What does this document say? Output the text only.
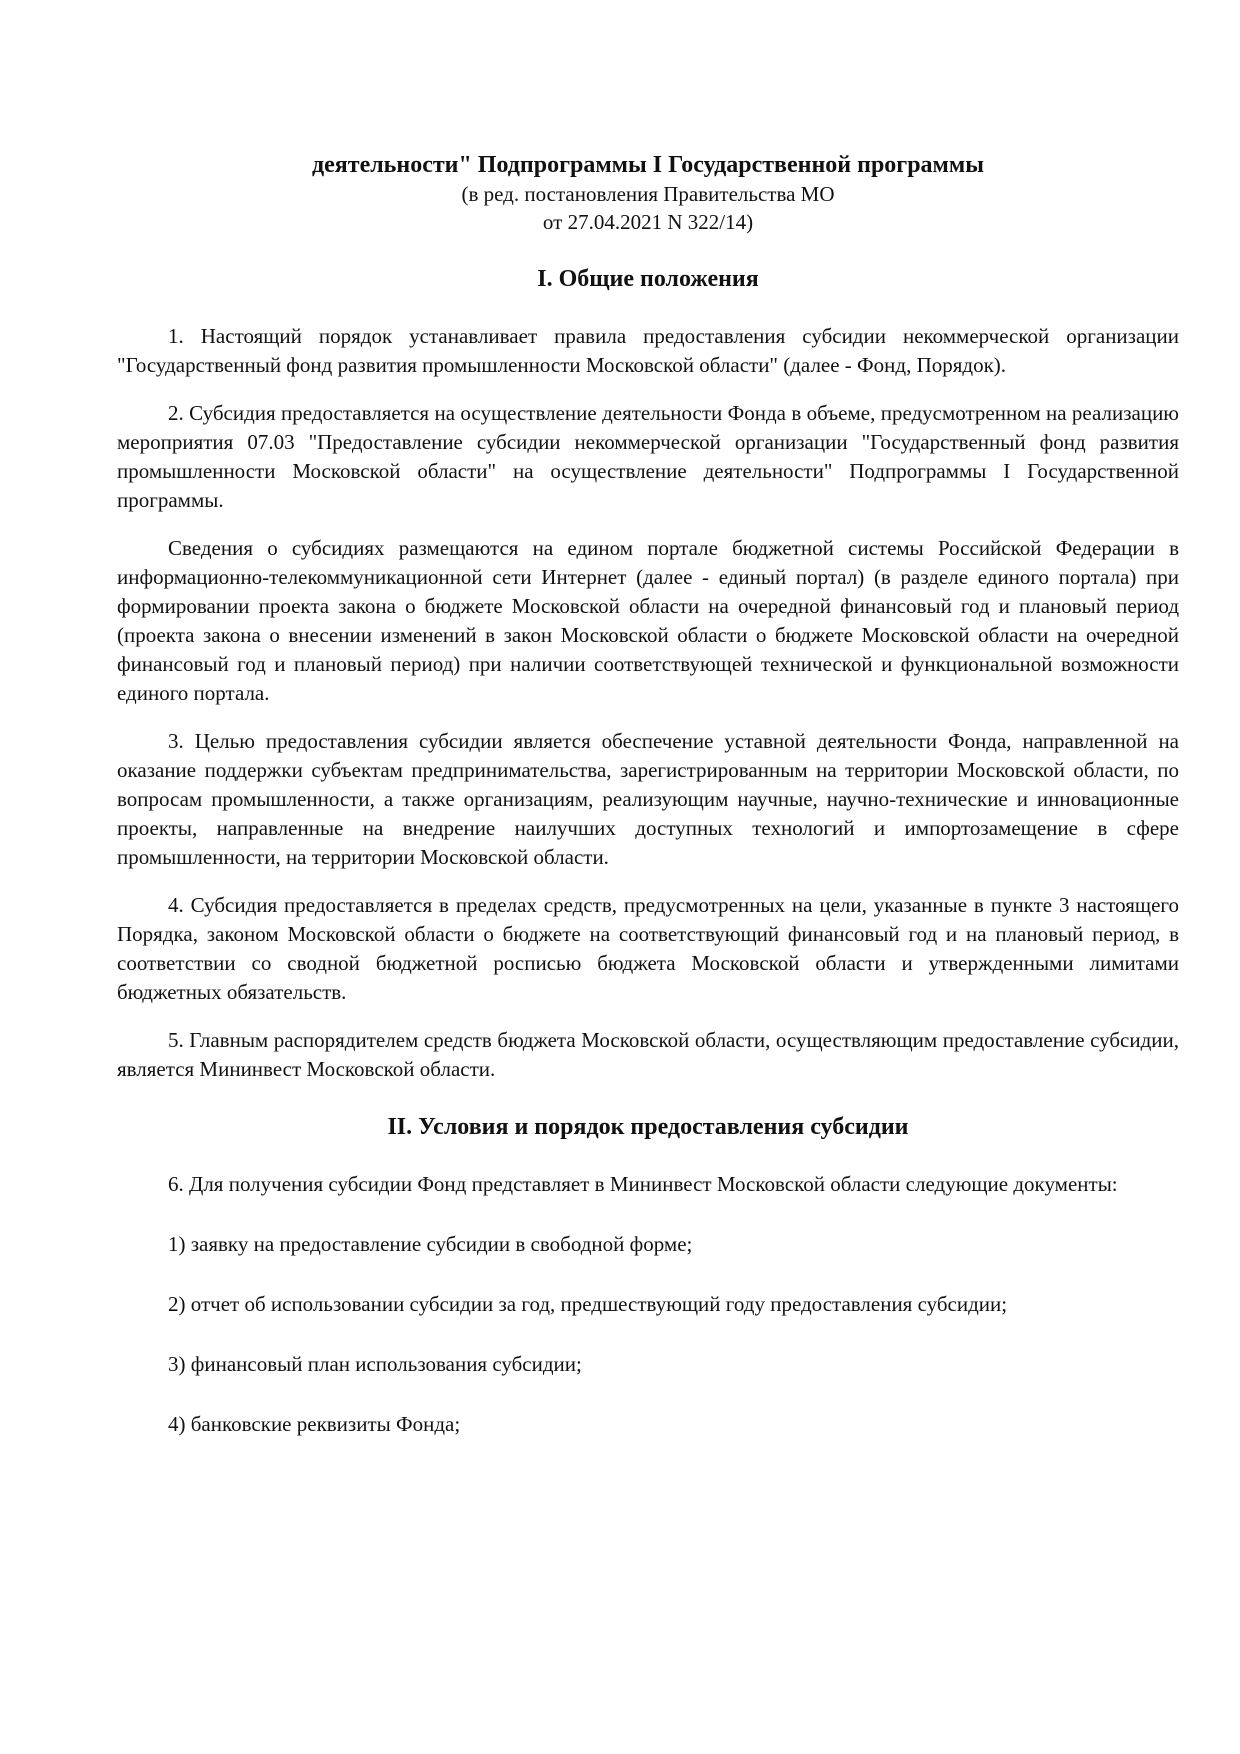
деятельности" Подпрограммы I Государственной программы

(в ред. постановления Правительства МО

от 27.04.2021 N 322/14)

I. Общие положения

1. Настоящий порядок устанавливает правила предоставления субсидии некоммерческой организации "Государственный фонд развития промышленности Московской области" (далее - Фонд, Порядок).

2. Субсидия предоставляется на осуществление деятельности Фонда в объеме, предусмотренном на реализацию мероприятия 07.03 "Предоставление субсидии некоммерческой организации "Государственный фонд развития промышленности Московской области" на осуществление деятельности" Подпрограммы I Государственной программы.

Сведения о субсидиях размещаются на едином портале бюджетной системы Российской Федерации в информационно-телекоммуникационной сети Интернет (далее - единый портал) (в разделе единого портала) при формировании проекта закона о бюджете Московской области на очередной финансовый год и плановый период (проекта закона о внесении изменений в закон Московской области о бюджете Московской области на очередной финансовый год и плановый период) при наличии соответствующей технической и функциональной возможности единого портала.

3. Целью предоставления субсидии является обеспечение уставной деятельности Фонда, направленной на оказание поддержки субъектам предпринимательства, зарегистрированным на территории Московской области, по вопросам промышленности, а также организациям, реализующим научные, научно-технические и инновационные проекты, направленные на внедрение наилучших доступных технологий и импортозамещение в сфере промышленности, на территории Московской области.

4. Субсидия предоставляется в пределах средств, предусмотренных на цели, указанные в пункте 3 настоящего Порядка, законом Московской области о бюджете на соответствующий финансовый год и на плановый период, в соответствии со сводной бюджетной росписью бюджета Московской области и утвержденными лимитами бюджетных обязательств.

5. Главным распорядителем средств бюджета Московской области, осуществляющим предоставление субсидии, является Мининвест Московской области.

II. Условия и порядок предоставления субсидии

6. Для получения субсидии Фонд представляет в Мининвест Московской области следующие документы:

1) заявку на предоставление субсидии в свободной форме;

2) отчет об использовании субсидии за год, предшествующий году предоставления субсидии;

3) финансовый план использования субсидии;

4) банковские реквизиты Фонда;
